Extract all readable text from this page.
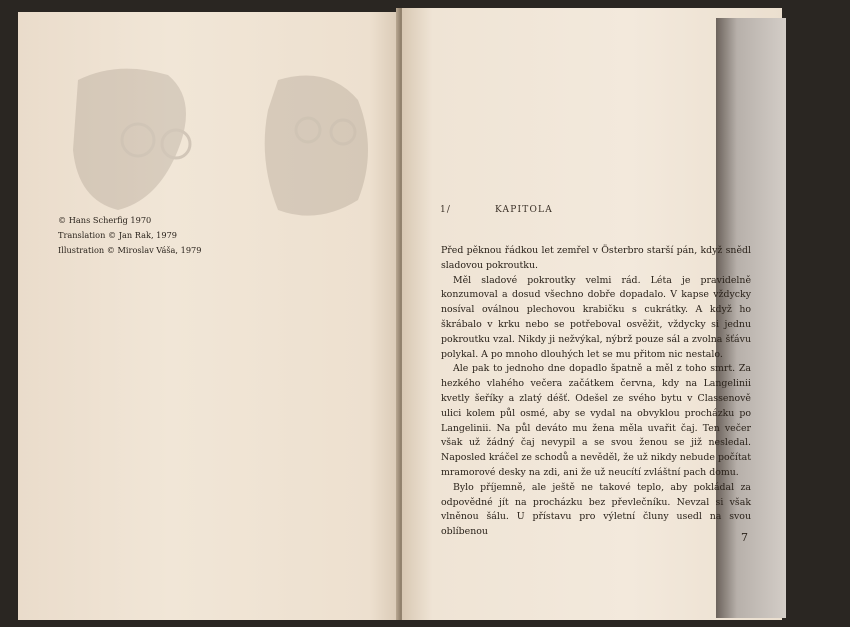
© Hans Scherfig 1970
Translation © Jan Rak, 1979
Illustration © Miroslav Váša, 1979
1/	KAPITOLA

Před pěknou řádkou let zemřel v Österbro starší pán, když snědl sladovou pokroutku.

Měl sladové pokroutky velmi rád. Léta je pravidelně konzumoval a dosud všechno dobře dopadalo. V kapse vždycky nosíval oválnou plechovou krabičku s cukrátky. A když ho škrábalo v krku nebo se potřeboval osvěžit, vždycky si jednu pokroutku vzal. Nikdy ji nežvýkal, nýbrž pouze sál a zvolna šťávu polykal. A po mnoho dlouhých let se mu přitom nic nestalo.

Ale pak to jednoho dne dopadlo špatně a měl z toho smrt. Za hezkého vlahého večera začátkem června, kdy na Langelinii kvetly šeříky a zlatý déšť. Odešel ze svého bytu v Classenově ulici kolem půl osmé, aby se vydal na obvyklou procházku po Langelinii. Na půl deváto mu žena měla uvařit čaj. Ten večer však už žádný čaj nevypil a se svou ženou se již nesledal. Naposled kráčel ze schodů a nevěděl, že už nikdy nebude počítat mramorové desky na zdi, ani že už neucítí zvláštní pach domu.

Bylo příjemně, ale ještě ne takové teplo, aby pokládal za odpovědné jít na procházku bez převlečníku. Nevzal si však vlněnou šálu. U přístavu pro výletní čluny usedl na svou oblíbenou	7
